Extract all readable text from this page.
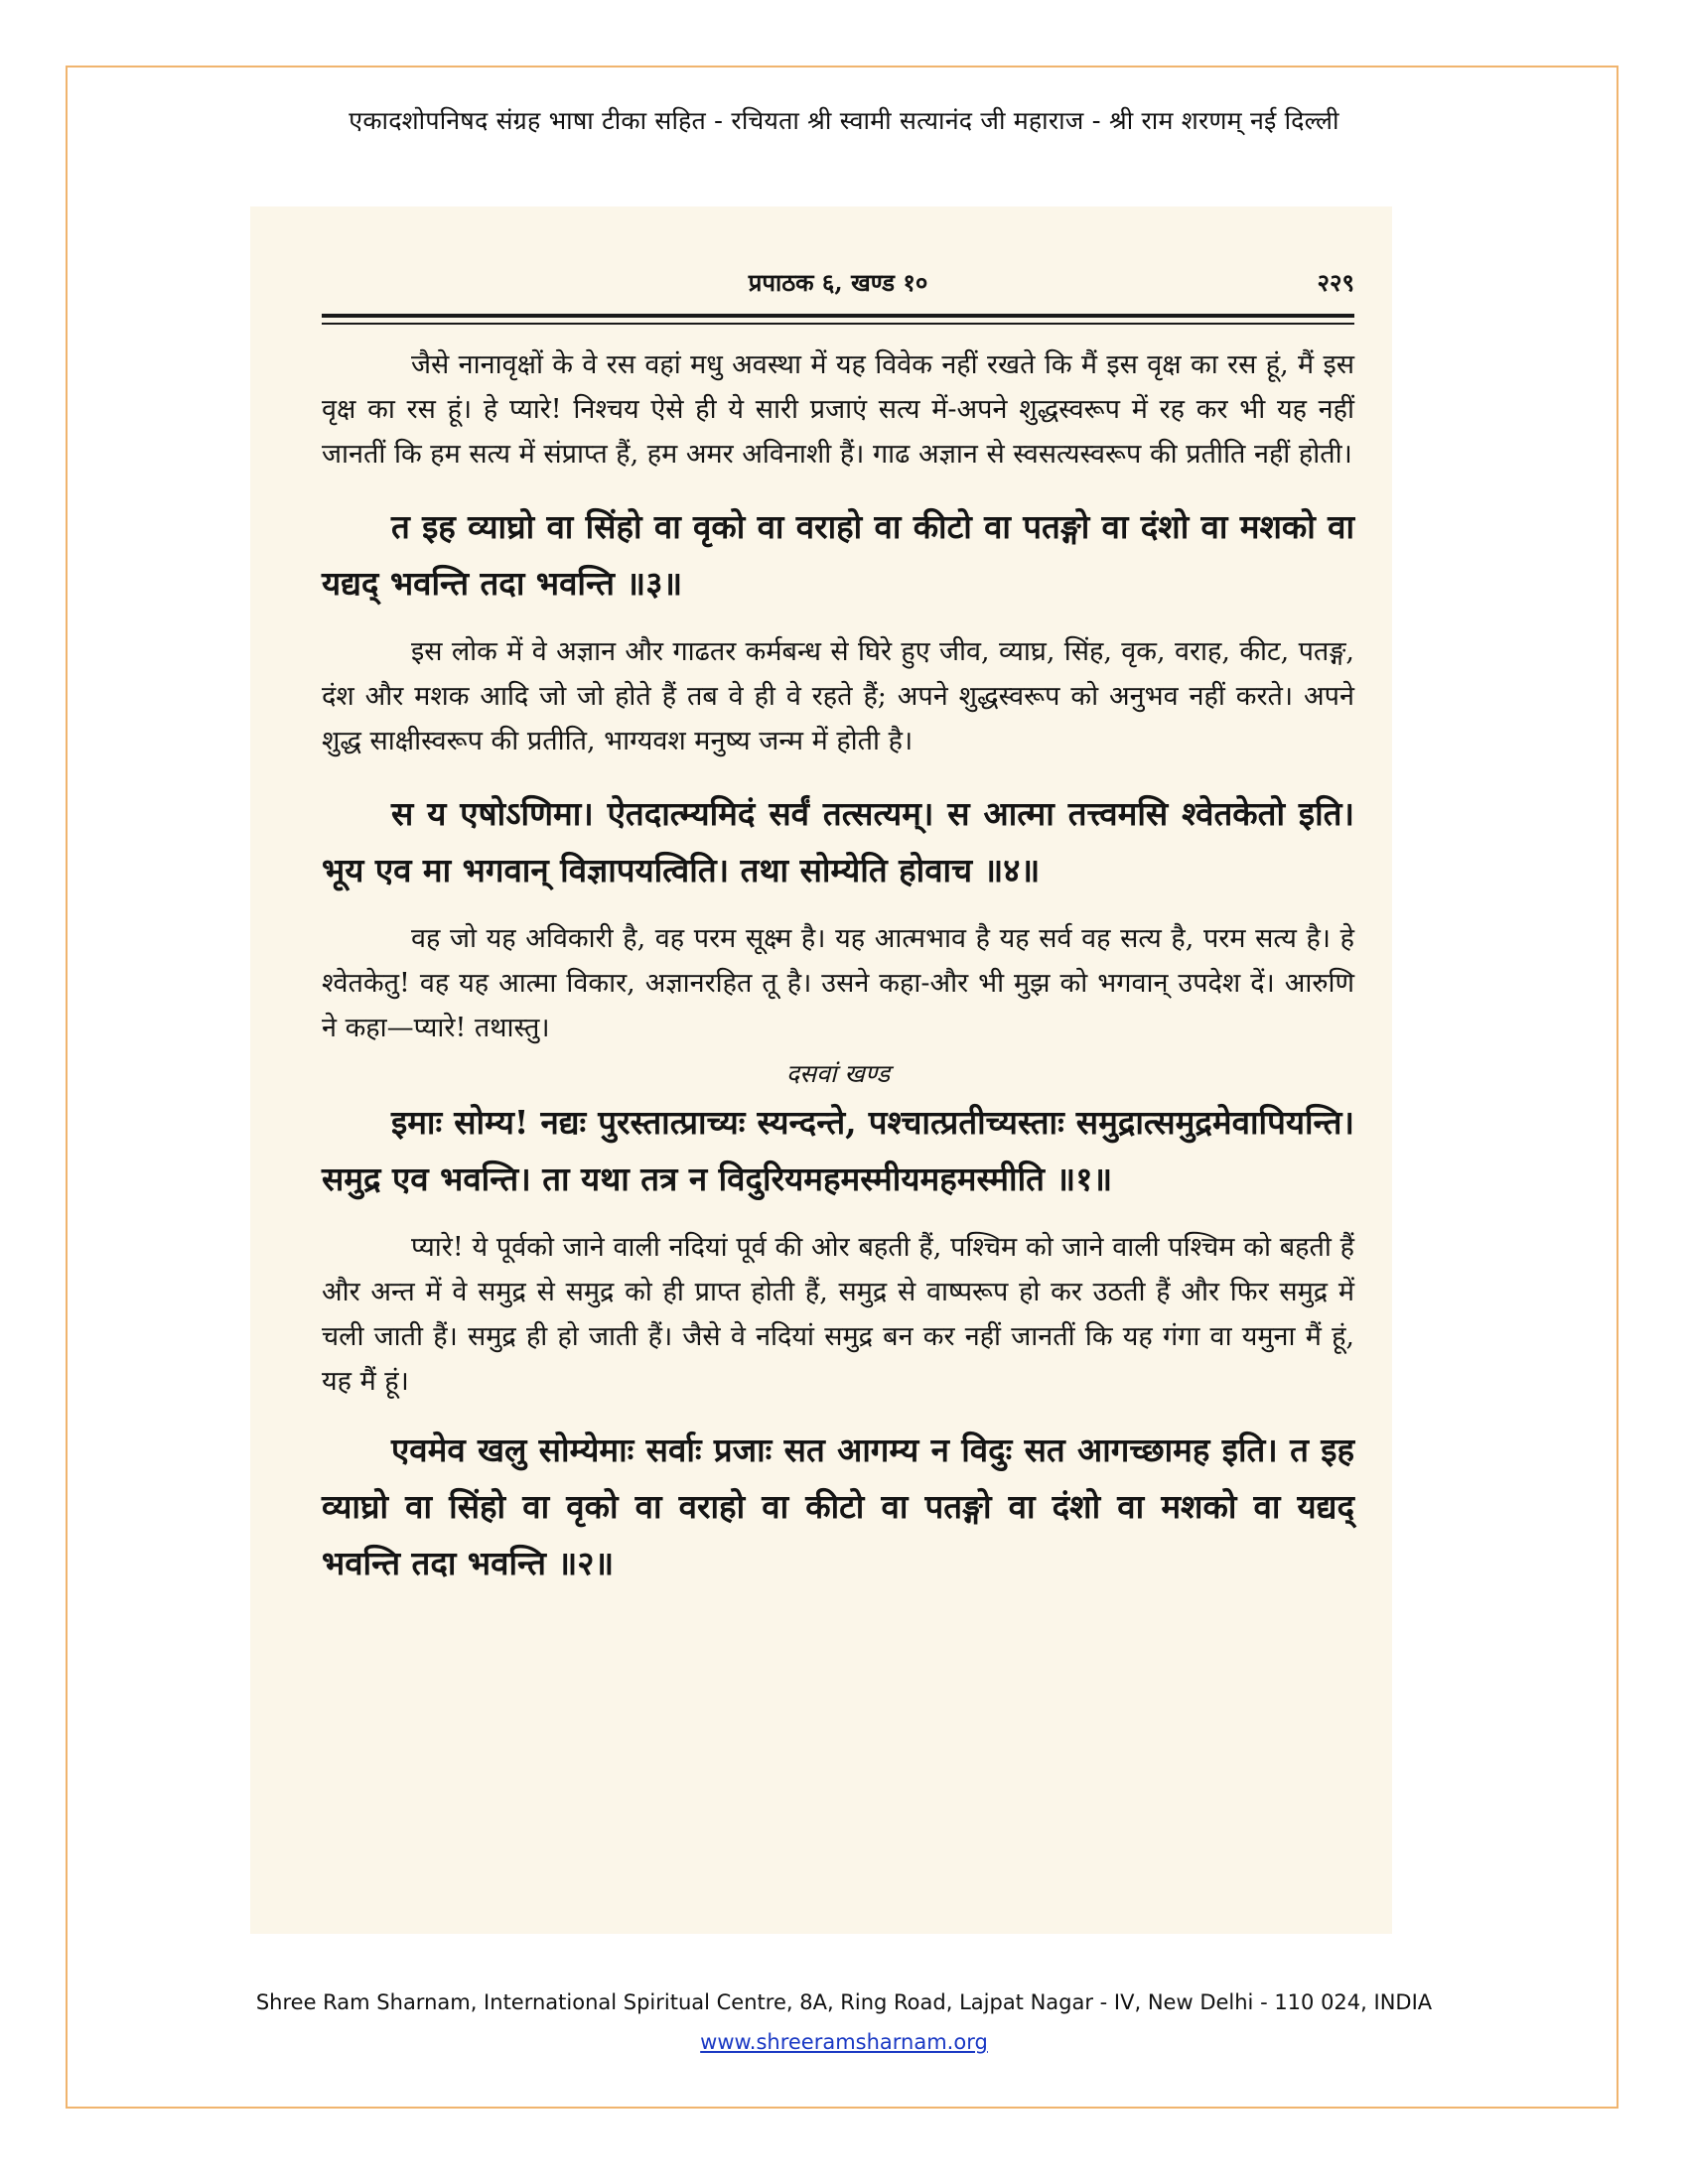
एकादशोपनिषद संग्रह भाषा टीका सहित - रचियता श्री स्वामी सत्यानंद जी महाराज - श्री राम शरणम् नई दिल्ली
प्रपाठक ६, खण्ड १०	२२९

जैसे नानावृक्षों के वे रस वहां मधु अवस्था में यह विवेक नहीं रखते कि मैं इस वृक्ष का रस हूं, मैं इस वृक्ष का रस हूं। हे प्यारे! निश्चय ऐसे ही ये सारी प्रजाएं सत्य में-अपने शुद्धस्वरूप में रह कर भी यह नहीं जानतीं कि हम सत्य में संप्राप्त हैं, हम अमर अविनाशी हैं। गाढ अज्ञान से स्वसत्यस्वरूप की प्रतीति नहीं होती।

त इह व्याघ्रो वा सिंहो वा वृको वा वराहो वा कीटो वा पतङ्गो वा दंशो वा मशको वा यद्यद् भवन्ति तदा भवन्ति ॥३॥

इस लोक में वे अज्ञान और गाढतर कर्मबन्ध से घिरे हुए जीव, व्याघ्र, सिंह, वृक, वराह, कीट, पतङ्ग, दंश और मशक आदि जो जो होते हैं तब वे ही वे रहते हैं; अपने शुद्धस्वरूप को अनुभव नहीं करते। अपने शुद्ध साक्षीस्वरूप की प्रतीति, भाग्यवश मनुष्य जन्म में होती है।

स य एषोऽणिमा। ऐतदात्म्यमिदं सर्वं तत्सत्यम्। स आत्मा तत्त्वमसि श्वेतकेतो इति। भूय एव मा भगवान् विज्ञापयत्विति। तथा सोम्येति होवाच ॥४॥

वह जो यह अविकारी है, वह परम सूक्ष्म है। यह आत्मभाव है यह सर्व वह सत्य है, परम सत्य है। हे श्वेतकेतु! वह यह आत्मा विकार, अज्ञानरहित तू है। उसने कहा-और भी मुझ को भगवान् उपदेश दें। आरुणि ने कहा—प्यारे! तथास्तु।

दसवां खण्ड

इमाः सोम्य! नद्यः पुरस्तात्प्राच्यः स्यन्दन्ते, पश्चात्प्रतीच्यस्ताः समुद्रात्समुद्रमेवापियन्ति। समुद्र एव भवन्ति। ता यथा तत्र न विदुरियमहमस्मीयमहमस्मीति ॥१॥

प्यारे! ये पूर्वको जाने वाली नदियां पूर्व की ओर बहती हैं, पश्चिम को जाने वाली पश्चिम को बहती हैं और अन्त में वे समुद्र से समुद्र को ही प्राप्त होती हैं, समुद्र से वाष्परूप हो कर उठती हैं और फिर समुद्र में चली जाती हैं। समुद्र ही हो जाती हैं। जैसे वे नदियां समुद्र बन कर नहीं जानतीं कि यह गंगा वा यमुना मैं हूं, यह मैं हूं।

एवमेव खलु सोम्येमाः सर्वाः प्रजाः सत आगम्य न विदुः सत आगच्छामह इति। त इह व्याघ्रो वा सिंहो वा वृको वा वराहो वा कीटो वा पतङ्गो वा दंशो वा मशको वा यद्यद् भवन्ति तदा भवन्ति ॥२॥

Shree Ram Sharnam, International Spiritual Centre, 8A, Ring Road, Lajpat Nagar - IV, New Delhi - 110 024, INDIA
www.shreeramsharnam.org
